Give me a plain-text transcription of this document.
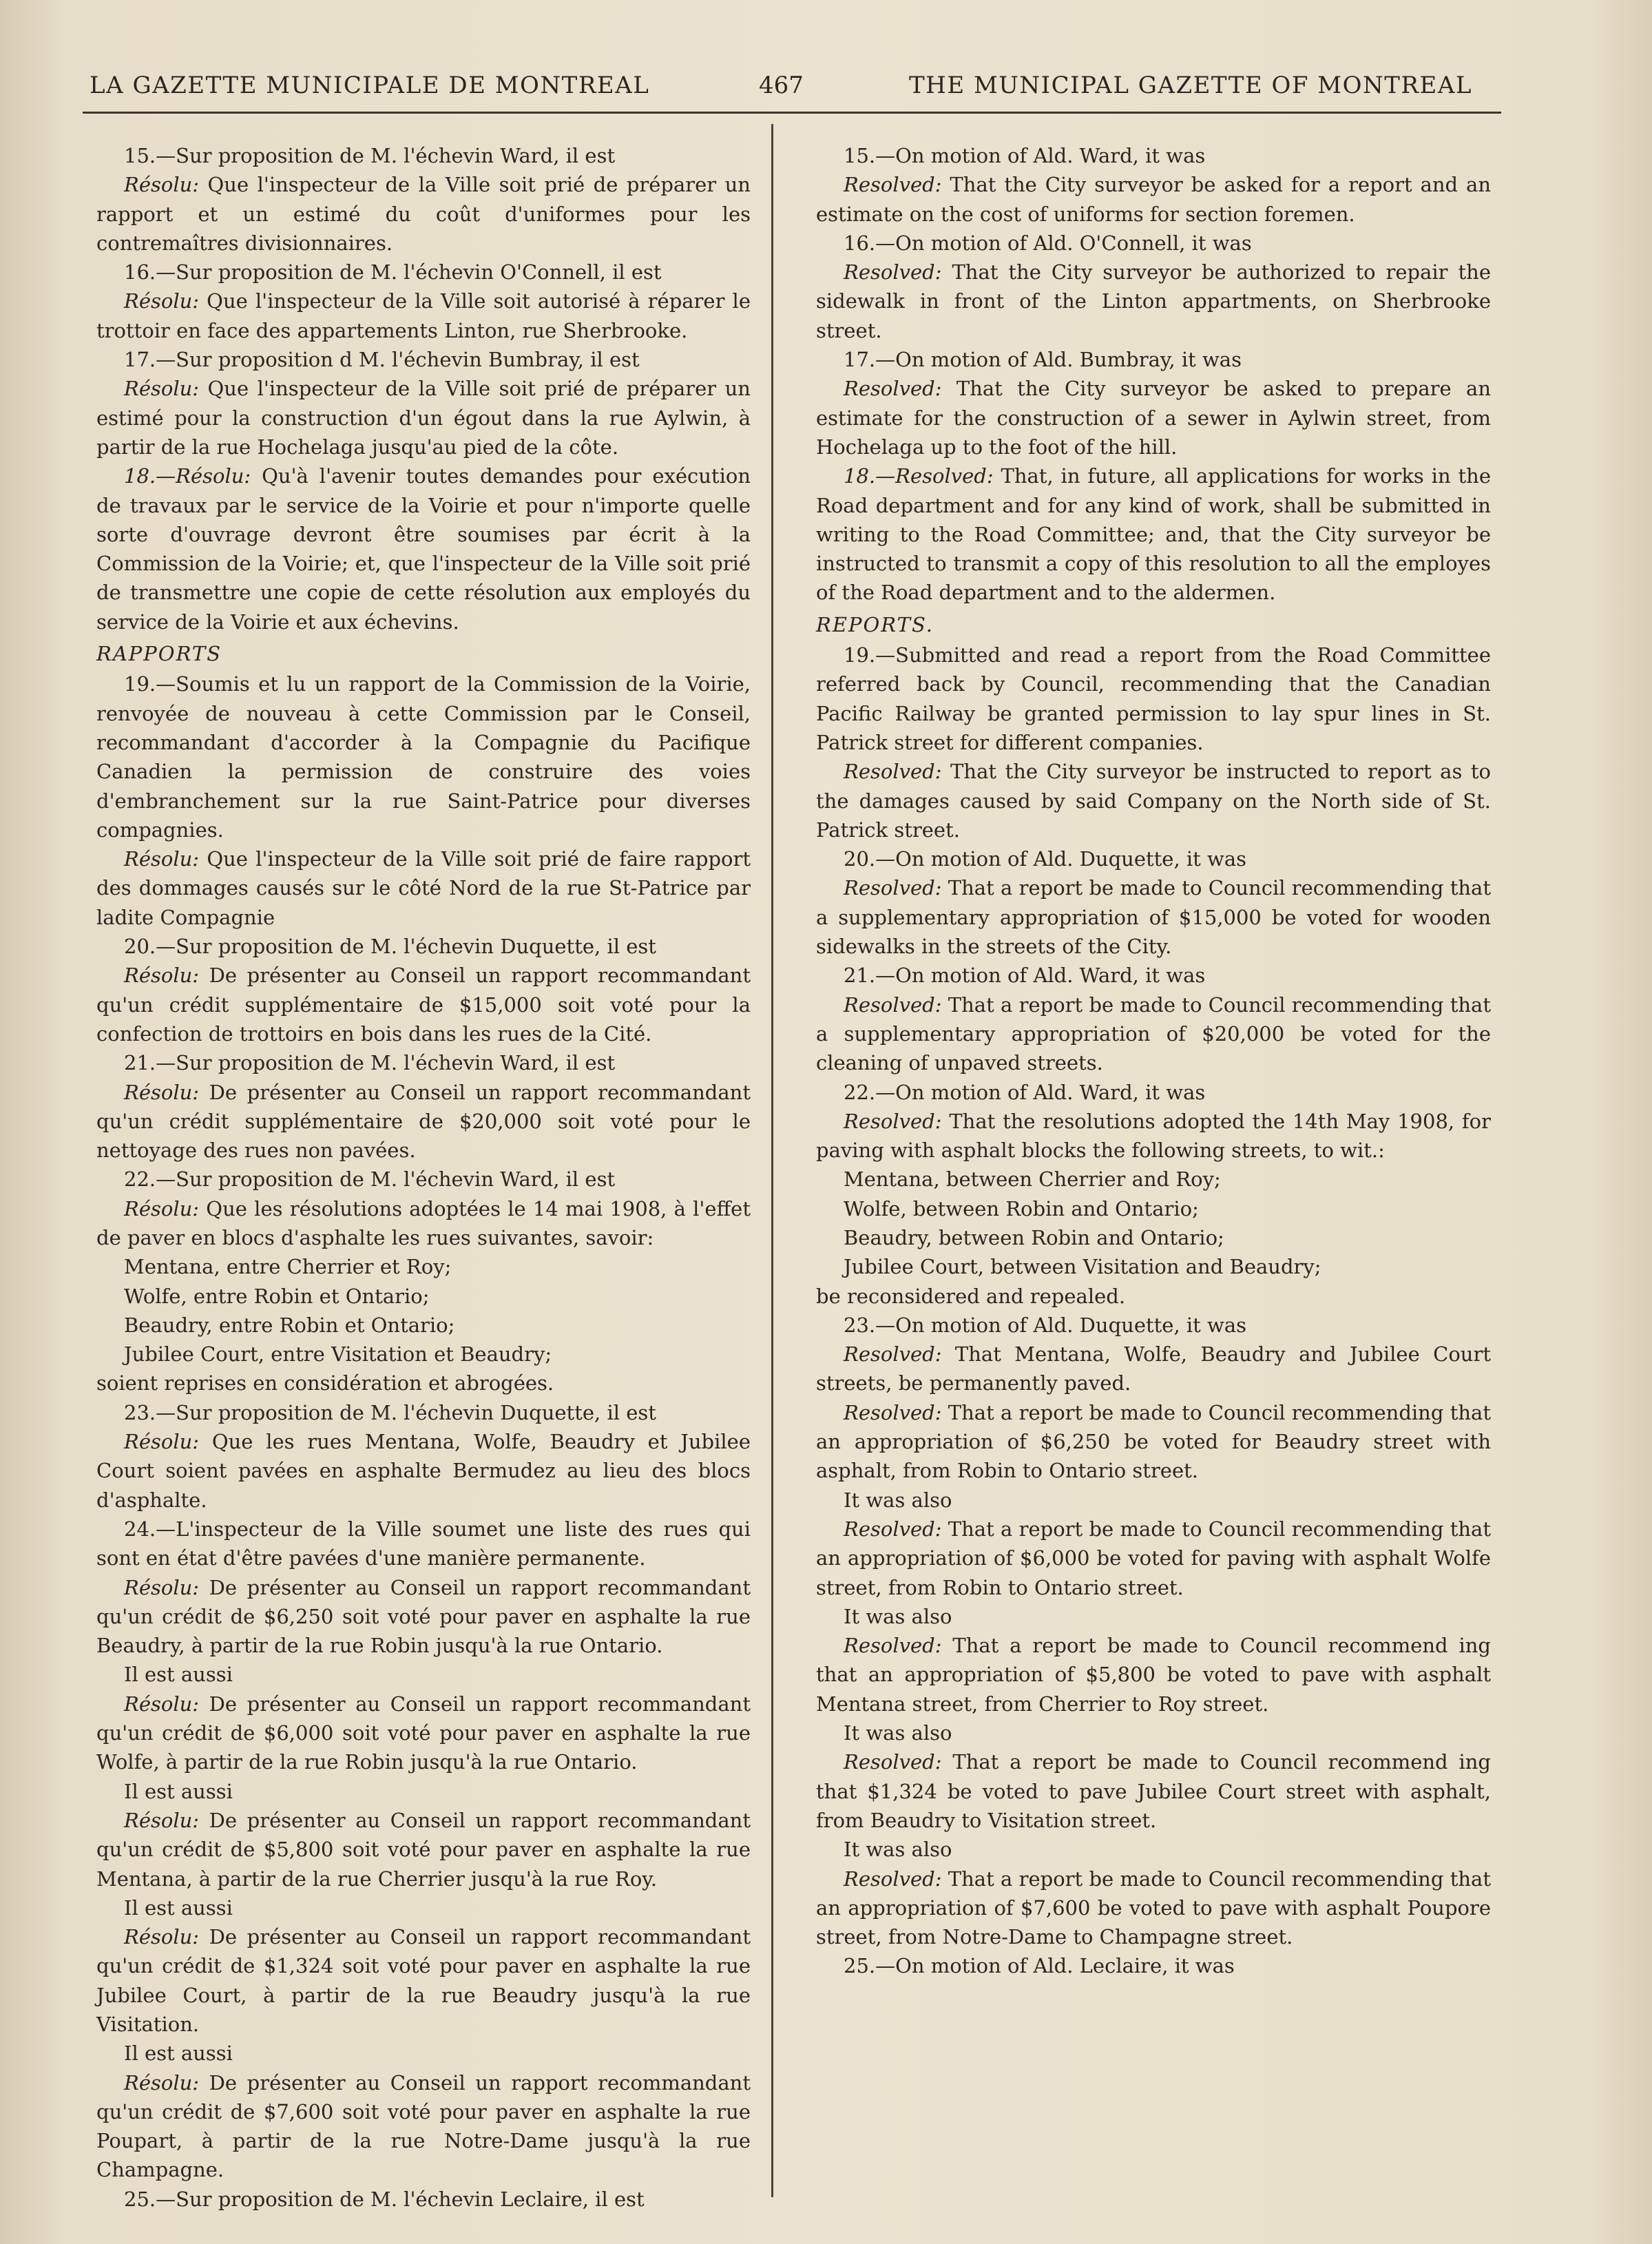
LA GAZETTE MUNICIPALE DE MONTREAL	467	THE MUNICIPAL GAZETTE OF MONTREAL

15.—Sur proposition de M. l'échevin Ward, il est

Résolu: Que l'inspecteur de la Ville soit prié de préparer un rapport et un estimé du coût d'uniformes pour les contremaîtres divisionnaires.

16.—Sur proposition de M. l'échevin O'Connell, il est

Résolu: Que l'inspecteur de la Ville soit autorisé à réparer le trottoir en face des appartements Linton, rue Sherbrooke.

17.—Sur proposition d M. l'échevin Bumbray, il est

Résolu: Que l'inspecteur de la Ville soit prié de préparer un estimé pour la construction d'un égout dans la rue Aylwin, à partir de la rue Hochelaga jusqu'au pied de la côte.

18.—Résolu: Qu'à l'avenir toutes demandes pour exécution de travaux par le service de la Voirie et pour n'importe quelle sorte d'ouvrage devront être soumises par écrit à la Commission de la Voirie; et, que l'inspecteur de la Ville soit prié de transmettre une copie de cette résolution aux employés du service de la Voirie et aux échevins.

RAPPORTS

19.—Soumis et lu un rapport de la Commission de la Voirie, renvoyée de nouveau à cette Commission par le Conseil, recommandant d'accorder à la Compagnie du Pacifique Canadien la permission de construire des voies d'embranchement sur la rue Saint-Patrice pour diverses compagnies.

Résolu: Que l'inspecteur de la Ville soit prié de faire rapport des dommages causés sur le côté Nord de la rue St-Patrice par ladite Compagnie

20.—Sur proposition de M. l'échevin Duquette, il est

Résolu: De présenter au Conseil un rapport recommandant qu'un crédit supplémentaire de $15,000 soit voté pour la confection de trottoirs en bois dans les rues de la Cité.

21.—Sur proposition de M. l'échevin Ward, il est

Résolu: De présenter au Conseil un rapport recommandant qu'un crédit supplémentaire de $20,000 soit voté pour le nettoyage des rues non pavées.

22.—Sur proposition de M. l'échevin Ward, il est

Résolu: Que les résolutions adoptées le 14 mai 1908, à l'effet de paver en blocs d'asphalte les rues suivantes, savoir:

Mentana, entre Cherrier et Roy;

Wolfe, entre Robin et Ontario;

Beaudry, entre Robin et Ontario;

Jubilee Court, entre Visitation et Beaudry;

soient reprises en considération et abrogées.

23.—Sur proposition de M. l'échevin Duquette, il est

Résolu: Que les rues Mentana, Wolfe, Beaudry et Jubilee Court soient pavées en asphalte Bermudez au lieu des blocs d'asphalte.

24.—L'inspecteur de la Ville soumet une liste des rues qui sont en état d'être pavées d'une manière permanente.

Résolu: De présenter au Conseil un rapport recommandant qu'un crédit de $6,250 soit voté pour paver en asphalte la rue Beaudry, à partir de la rue Robin jusqu'à la rue Ontario.

Il est aussi

Résolu: De présenter au Conseil un rapport recommandant qu'un crédit de $6,000 soit voté pour paver en asphalte la rue Wolfe, à partir de la rue Robin jusqu'à la rue Ontario.

Il est aussi

Résolu: De présenter au Conseil un rapport recommandant qu'un crédit de $5,800 soit voté pour paver en asphalte la rue Mentana, à partir de la rue Cherrier jusqu'à la rue Roy.

Il est aussi

Résolu: De présenter au Conseil un rapport recommandant qu'un crédit de $1,324 soit voté pour paver en asphalte la rue Jubilee Court, à partir de la rue Beaudry jusqu'à la rue Visitation.

Il est aussi

Résolu: De présenter au Conseil un rapport recommandant qu'un crédit de $7,600 soit voté pour paver en asphalte la rue Poupart, à partir de la rue Notre-Dame jusqu'à la rue Champagne.

25.—Sur proposition de M. l'échevin Leclaire, il est

15.—On motion of Ald. Ward, it was

Resolved: That the City surveyor be asked for a report and an estimate on the cost of uniforms for section foremen.

16.—On motion of Ald. O'Connell, it was

Resolved: That the City surveyor be authorized to repair the sidewalk in front of the Linton appartments, on Sherbrooke street.

17.—On motion of Ald. Bumbray, it was

Resolved: That the City surveyor be asked to prepare an estimate for the construction of a sewer in Aylwin street, from Hochelaga up to the foot of the hill.

18.—Resolved: That, in future, all applications for works in the Road department and for any kind of work, shall be submitted in writing to the Road Committee; and, that the City surveyor be instructed to transmit a copy of this resolution to all the employes of the Road department and to the aldermen.

REPORTS.

19.—Submitted and read a report from the Road Committee referred back by Council, recommending that the Canadian Pacific Railway be granted permission to lay spur lines in St. Patrick street for different companies.

Resolved: That the City surveyor be instructed to report as to the damages caused by said Company on the North side of St. Patrick street.

20.—On motion of Ald. Duquette, it was

Resolved: That a report be made to Council recommending that a supplementary appropriation of $15,000 be voted for wooden sidewalks in the streets of the City.

21.—On motion of Ald. Ward, it was

Resolved: That a report be made to Council recommending that a supplementary appropriation of $20,000 be voted for the cleaning of unpaved streets.

22.—On motion of Ald. Ward, it was

Resolved: That the resolutions adopted the 14th May 1908, for paving with asphalt blocks the following streets, to wit.:

Mentana, between Cherrier and Roy;

Wolfe, between Robin and Ontario;

Beaudry, between Robin and Ontario;

Jubilee Court, between Visitation and Beaudry;

be reconsidered and repealed.

23.—On motion of Ald. Duquette, it was

Resolved: That Mentana, Wolfe, Beaudry and Jubilee Court streets, be permanently paved.

Resolved: That a report be made to Council recommending that an appropriation of $6,250 be voted for Beaudry street with asphalt, from Robin to Ontario street.

It was also

Resolved: That a report be made to Council recommending that an appropriation of $6,000 be voted for paving with asphalt Wolfe street, from Robin to Ontario street.

It was also

Resolved: That a report be made to Council recommend ing that an appropriation of $5,800 be voted to pave with asphalt Mentana street, from Cherrier to Roy street.

It was also

Resolved: That a report be made to Council recommend ing that $1,324 be voted to pave Jubilee Court street with asphalt, from Beaudry to Visitation street.

It was also

Resolved: That a report be made to Council recommending that an appropriation of $7,600 be voted to pave with asphalt Poupore street, from Notre-Dame to Champagne street.

25.—On motion of Ald. Leclaire, it was
